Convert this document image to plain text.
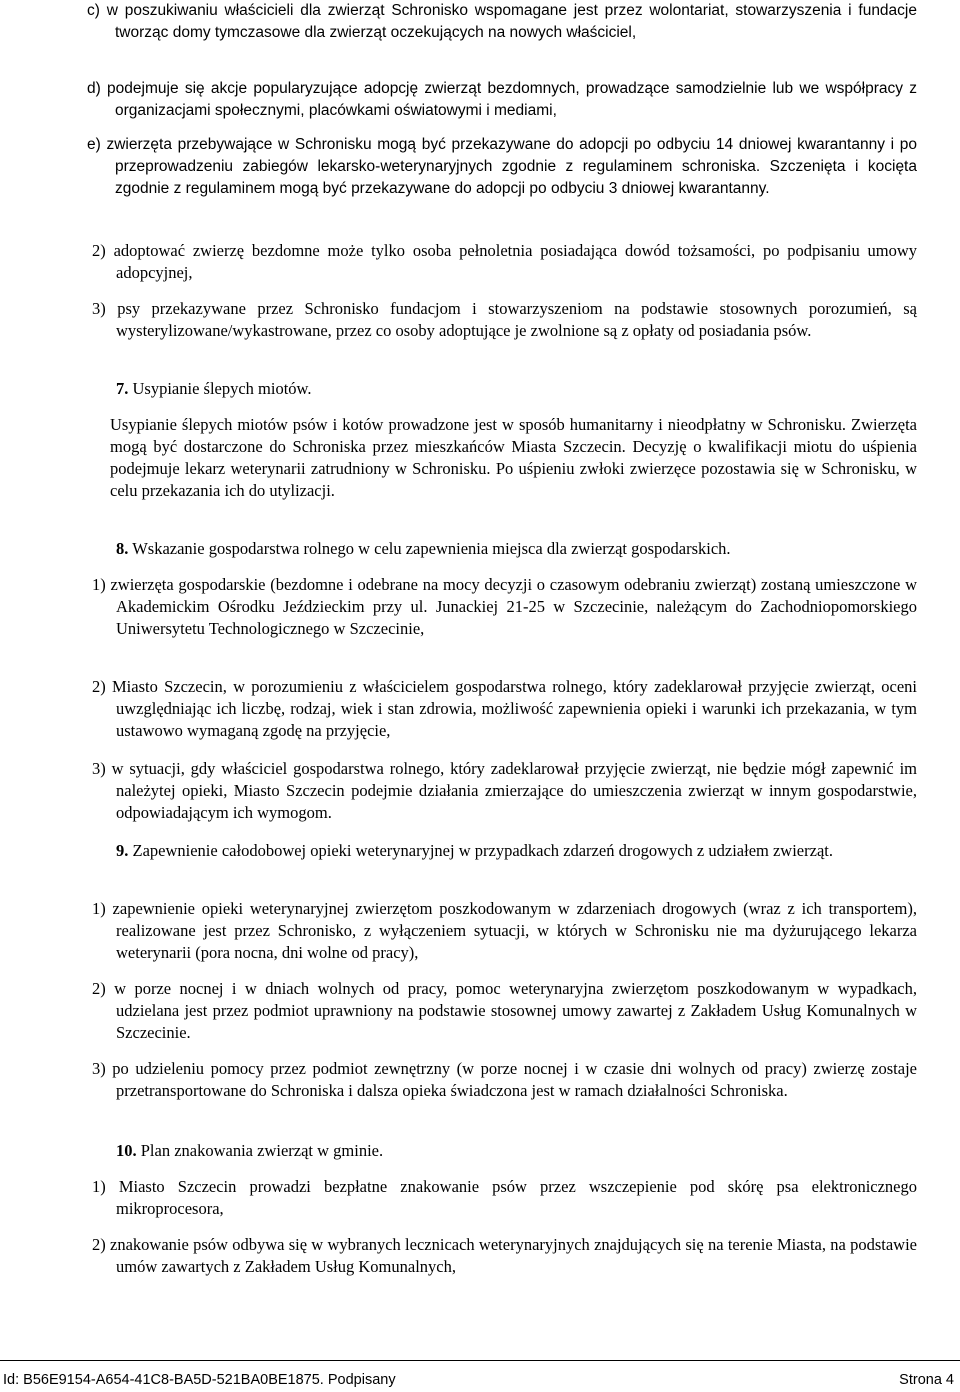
c) w poszukiwaniu właścicieli dla zwierząt Schronisko wspomagane jest przez wolontariat, stowarzyszenia i fundacje tworząc domy tymczasowe dla zwierząt oczekujących na nowych właściciel,
d) podejmuje się akcje popularyzujące adopcję zwierząt bezdomnych, prowadzące samodzielnie lub we współpracy z organizacjami społecznymi, placówkami oświatowymi i mediami,
e) zwierzęta przebywające w Schronisku mogą być przekazywane do adopcji po odbyciu 14 dniowej kwarantanny i po przeprowadzeniu zabiegów lekarsko-weterynaryjnych zgodnie z regulaminem schroniska. Szczenięta i kocięta zgodnie z regulaminem mogą być przekazywane do adopcji po odbyciu 3 dniowej kwarantanny.
2) adoptować zwierzę bezdomne może tylko osoba pełnoletnia posiadająca dowód tożsamości, po podpisaniu umowy adopcyjnej,
3) psy przekazywane przez Schronisko fundacjom i stowarzyszeniom na podstawie stosownych porozumień, są wysterylizowane/wykastrowane, przez co osoby adoptujące je zwolnione są z opłaty od posiadania psów.
7. Usypianie ślepych miotów.
Usypianie ślepych miotów psów i kotów prowadzone jest w sposób humanitarny i nieodpłatny w Schronisku. Zwierzęta mogą być dostarczone do Schroniska przez mieszkańców Miasta Szczecin. Decyzję o kwalifikacji miotu do uśpienia podejmuje lekarz weterynarii zatrudniony w Schronisku. Po uśpieniu zwłoki zwierzęce pozostawia się w Schronisku, w celu przekazania ich do utylizacji.
8. Wskazanie gospodarstwa rolnego w celu zapewnienia miejsca dla zwierząt gospodarskich.
1) zwierzęta gospodarskie (bezdomne i odebrane na mocy decyzji o czasowym odebraniu zwierząt) zostaną umieszczone w Akademickim Ośrodku Jeździeckim przy ul. Junackiej 21-25 w Szczecinie, należącym do Zachodniopomorskiego Uniwersytetu Technologicznego w Szczecinie,
2) Miasto Szczecin, w porozumieniu z właścicielem gospodarstwa rolnego, który zadeklarował przyjęcie zwierząt, oceni uwzględniając ich liczbę, rodzaj, wiek i stan zdrowia, możliwość zapewnienia opieki i warunki ich przekazania, w tym ustawowo wymaganą zgodę na przyjęcie,
3) w sytuacji, gdy właściciel gospodarstwa rolnego, który zadeklarował przyjęcie zwierząt, nie będzie mógł zapewnić im należytej opieki, Miasto Szczecin podejmie działania zmierzające do umieszczenia zwierząt w innym gospodarstwie, odpowiadającym ich wymogom.
9. Zapewnienie całodobowej opieki weterynaryjnej w przypadkach zdarzeń drogowych z udziałem zwierząt.
1) zapewnienie opieki weterynaryjnej zwierzętom poszkodowanym w zdarzeniach drogowych (wraz z ich transportem), realizowane jest przez Schronisko, z wyłączeniem sytuacji, w których w Schronisku nie ma dyżurującego lekarza weterynarii (pora nocna, dni wolne od pracy),
2) w porze nocnej i w dniach wolnych od pracy, pomoc weterynaryjna zwierzętom poszkodowanym w wypadkach, udzielana jest przez podmiot uprawniony na podstawie stosownej umowy zawartej z Zakładem Usług Komunalnych w Szczecinie.
3) po udzieleniu pomocy przez podmiot zewnętrzny (w porze nocnej i w czasie dni wolnych od pracy) zwierzę zostaje przetransportowane do Schroniska i dalsza opieka świadczona jest w ramach działalności Schroniska.
10. Plan znakowania zwierząt w gminie.
1) Miasto Szczecin prowadzi bezpłatne znakowanie psów przez wszczepienie pod skórę psa elektronicznego mikroprocesora,
2) znakowanie psów odbywa się w wybranych lecznicach weterynaryjnych znajdujących się na terenie Miasta, na podstawie umów zawartych z Zakładem Usług Komunalnych,
Id: B56E9154-A654-41C8-BA5D-521BA0BE1875. Podpisany	Strona 4
